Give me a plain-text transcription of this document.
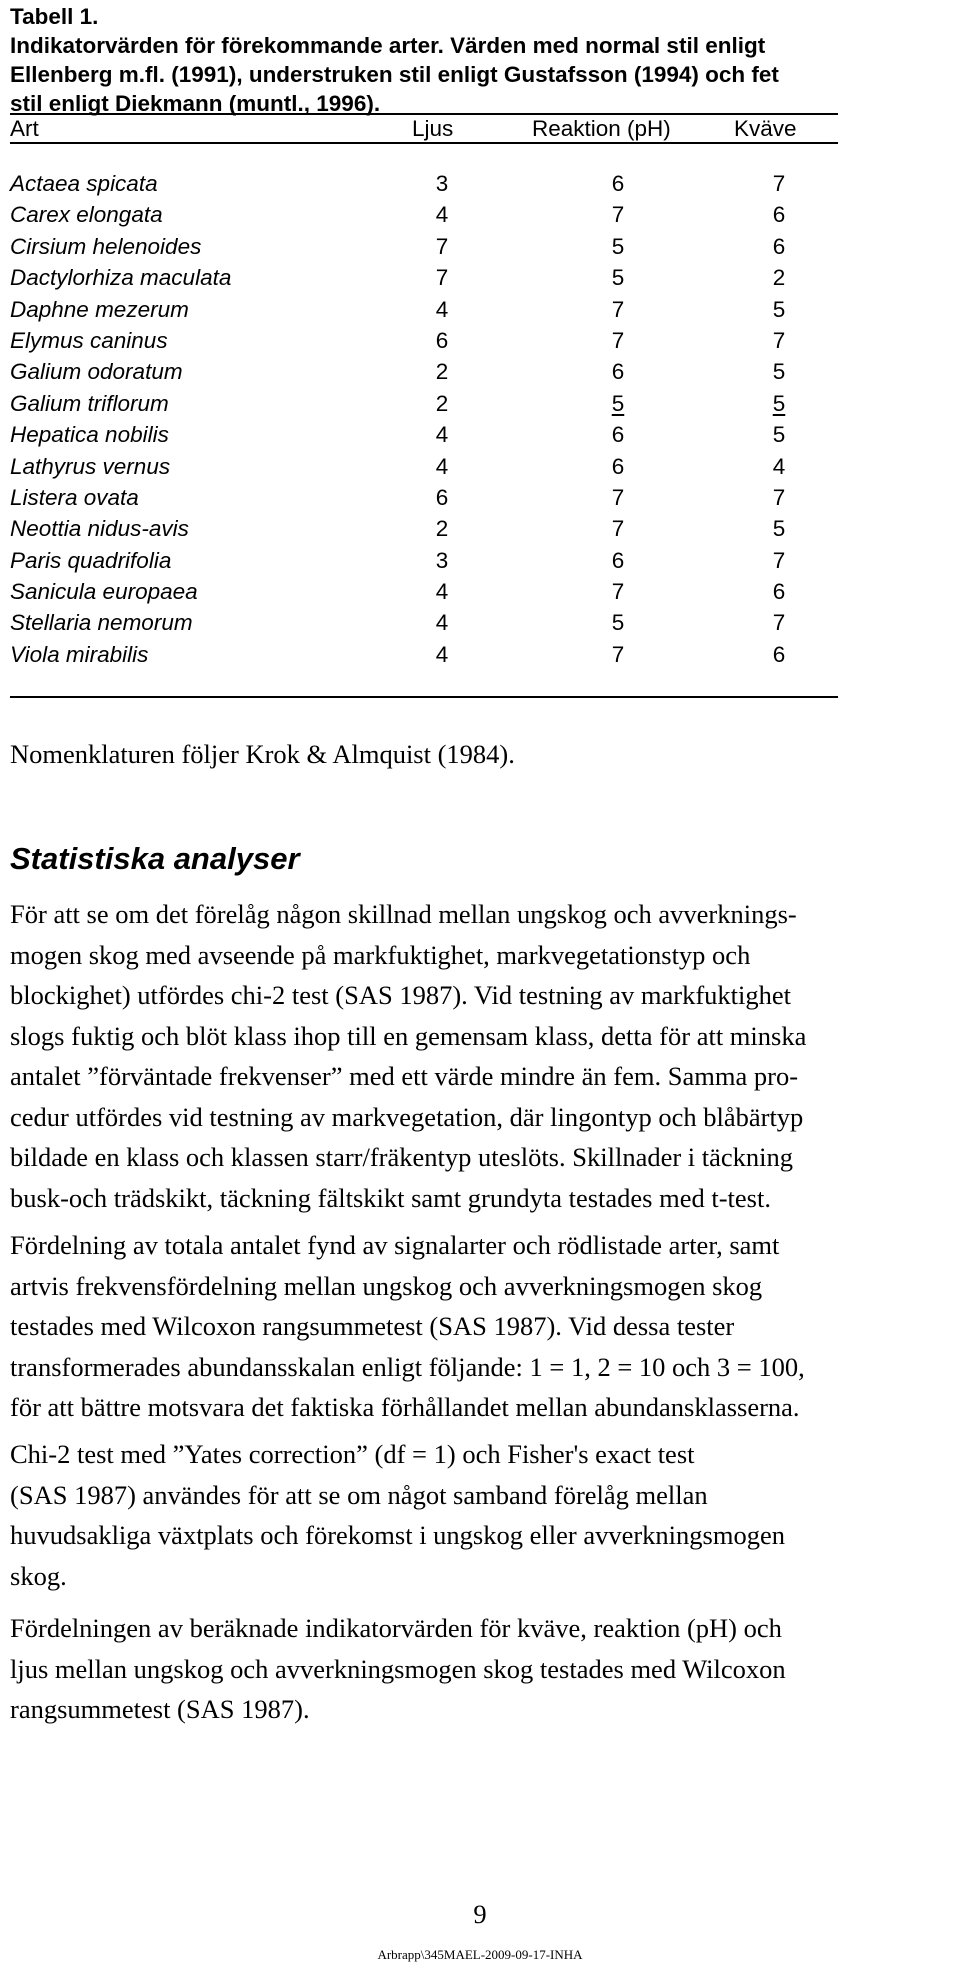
Tabell 1.
Indikatorvärden för förekommande arter. Värden med normal stil enligt
Ellenberg m.fl. (1991), understruken stil enligt Gustafsson (1994) och fet
stil enligt Diekmann (muntl., 1996).
Art	Ljus	Reaktion (pH)	Kväve
Actaea spicata	3	6	7
Carex elongata	4	7	6
Cirsium helenoides	7	5	6
Dactylorhiza maculata	7	5	2
Daphne mezerum	4	7	5
Elymus caninus	6	7	7
Galium odoratum	2	6	5
Galium triflorum	2	5	5
Hepatica nobilis	4	6	5
Lathyrus vernus	4	6	4
Listera ovata	6	7	7
Neottia nidus-avis	2	7	5
Paris quadrifolia	3	6	7
Sanicula europaea	4	7	6
Stellaria nemorum	4	5	7
Viola mirabilis	4	7	6
Nomenklaturen följer Krok & Almquist (1984).
Statistiska analyser
För att se om det förelåg någon skillnad mellan ungskog och avverknings-
mogen skog med avseende på markfuktighet, markvegetationstyp och
blockighet) utfördes chi-2 test (SAS 1987). Vid testning av markfuktighet
slogs fuktig och blöt klass ihop till en gemensam klass, detta för att minska
antalet ”förväntade frekvenser” med ett värde mindre än fem. Samma pro-
cedur utfördes vid testning av markvegetation, där lingontyp och blåbärtyp
bildade en klass och klassen starr/fräkentyp uteslöts. Skillnader i täckning
busk-och trädskikt, täckning fältskikt samt grundyta testades med t-test.
Fördelning av totala antalet fynd av signalarter och rödlistade arter, samt
artvis frekvensfördelning mellan ungskog och avverkningsmogen skog
testades med Wilcoxon rangsummetest (SAS 1987). Vid dessa tester
transformerades abundansskalan enligt följande: 1 = 1, 2 = 10 och 3 = 100,
för att bättre motsvara det faktiska förhållandet mellan abundansklasserna.
Chi-2 test med ”Yates correction” (df = 1) och Fisher's exact test
(SAS 1987) användes för att se om något samband förelåg mellan
huvudsakliga växtplats och förekomst i ungskog eller avverkningsmogen
skog.
Fördelningen av beräknade indikatorvärden för kväve, reaktion (pH) och
ljus mellan ungskog och avverkningsmogen skog testades med Wilcoxon
rangsummetest (SAS 1987).
9
Arbrapp\345MAEL-2009-09-17-INHA
